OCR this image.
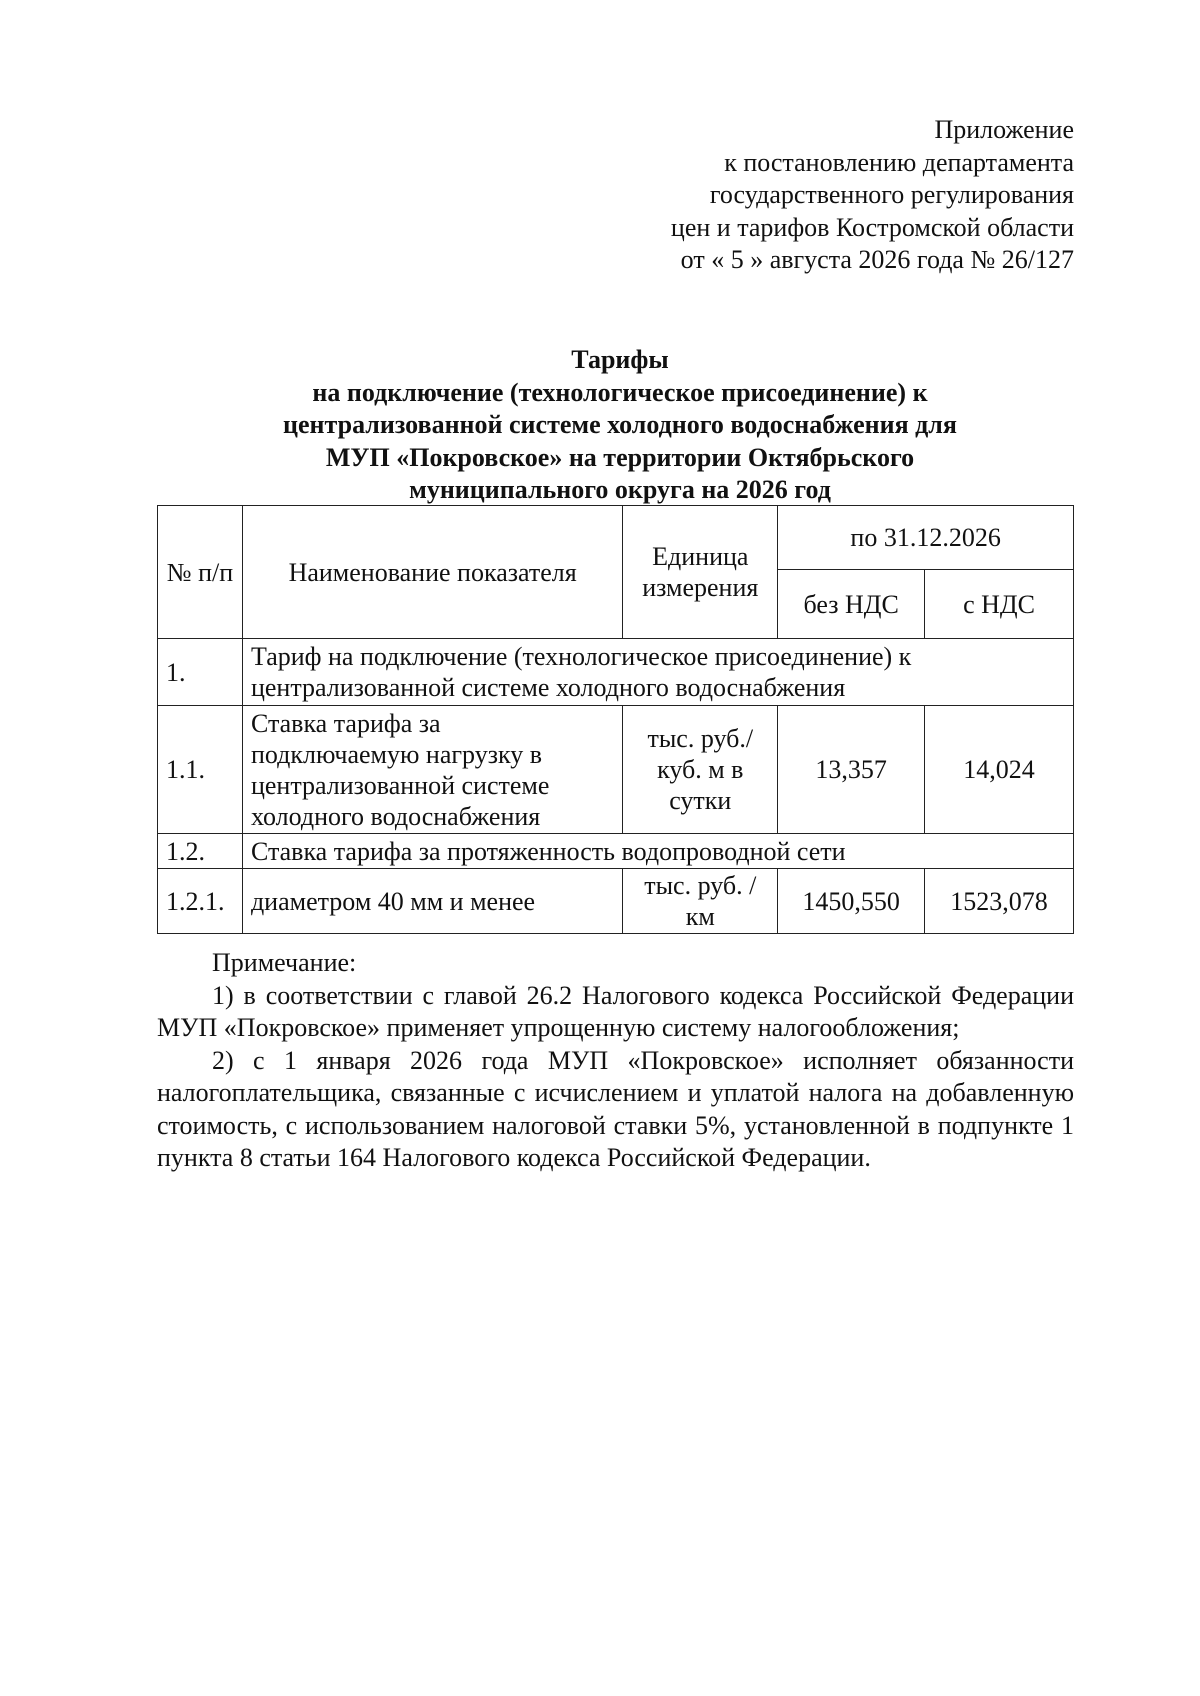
Приложение
к постановлению департамента
государственного регулирования
цен и тарифов Костромской области
от « 5 » августа 2026 года № 26/127
Тарифы
на подключение (технологическое присоединение) к
централизованной системе холодного водоснабжения для
МУП «Покровское» на территории Октябрьского
муниципального округа на 2026 год
№ п/п	Наименование показателя	Единица измерения	по 31.12.2026	
			без НДС	с НДС
1.	Тариф на подключение (технологическое присоединение) к централизованной системе холодного водоснабжения			
1.1.	Ставка тарифа за подключаемую нагрузку в централизованной системе холодного водоснабжения	тыс. руб./ куб. м в сутки	13,357	14,024
1.2.	Ставка тарифа за протяженность водопроводной сети			
1.2.1.	диаметром 40 мм и менее	тыс. руб. /км	1450,550	1523,078

Примечание:

1) в соответствии с главой 26.2 Налогового кодекса Российской Федерации МУП «Покровское» применяет упрощенную систему налогообложения;

2) с 1 января 2026 года МУП «Покровское» исполняет обязанности налогоплательщика, связанные с исчислением и уплатой налога на добавленную стоимость, с использованием налоговой ставки 5%, установленной в подпункте 1 пункта 8 статьи 164 Налогового кодекса Российской Федерации.
